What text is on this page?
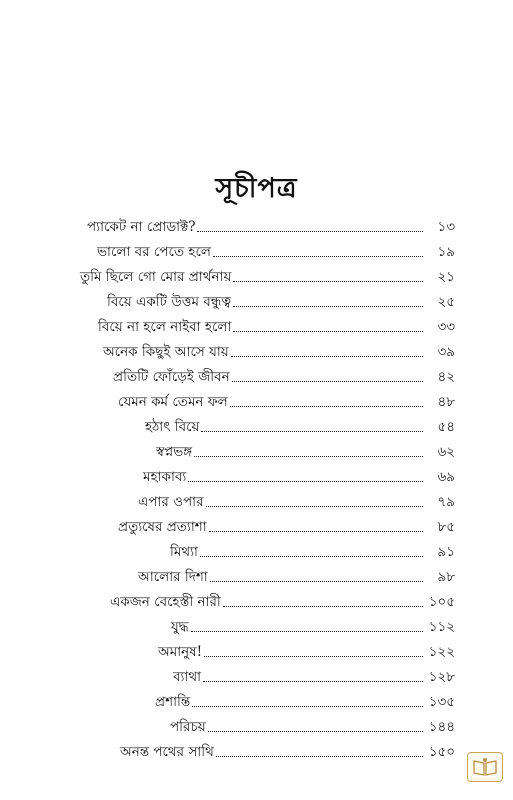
সূচীপত্র
প্যাকেট না প্রোডাক্ট?	১৩
ভালো বর পেতে হলে	১৯
তুমি ছিলে গো মোর প্রার্থনায়	২১
বিয়ে একটি উত্তম বন্ধুত্ব	২৫
বিয়ে না হলে নাইবা হলো	৩৩
অনেক কিছুই আসে যায়	৩৯
প্রতিটি ফোঁড়েই জীবন	৪২
যেমন কর্ম তেমন ফল	৪৮
হঠাৎ বিয়ে	৫৪
স্বপ্নভঙ্গ	৬২
মহাকাব্য	৬৯
এপার ওপার	৭৯
প্রত্যুষের প্রত্যাশা	৮৫
মিথ্যা	৯১
আলোর দিশা	৯৮
একজন বেহেস্তী নারী	১০৫
যুদ্ধ	১১২
অমানুষ!	১২২
ব্যাথা	১২৮
প্রশান্তি	১৩৫
পরিচয়	১৪৪
অনন্ত পথের সাথি	১৫০
